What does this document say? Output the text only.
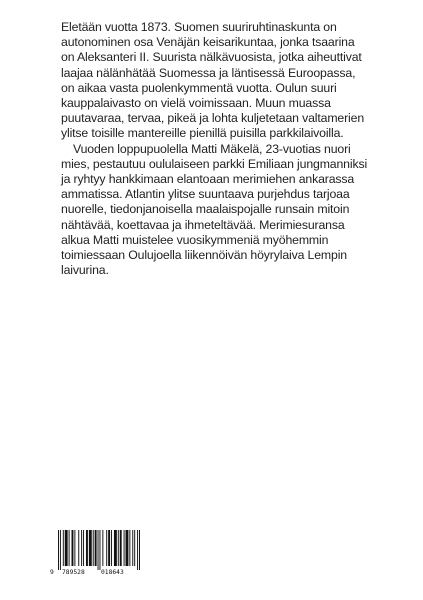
Eletään vuotta 1873. Suomen suuriruhtinaskunta on autonominen osa Venäjän keisarikuntaa, jonka tsaarina on Aleksanteri II. Suurista nälkävuosista, jotka aiheuttivat laajaa nälänhätää Suomessa ja läntisessä Euroopassa, on aikaa vasta puolenkymmentä vuotta. Oulun suuri kauppalaivasto on vielä voimissaan. Muun muassa puutavaraa, tervaa, pikeä ja lohta kuljetetaan valtamerien ylitse toisille mantereille pienillä puisilla parkkilaivoilla.

Vuoden loppupuolella Matti Mäkelä, 23-vuotias nuori mies, pestautuu oululaiseen parkki Emiliaan jungmanniksi ja ryhtyy hankkimaan elantoaan merimiehen ankarassa ammatissa. Atlantin ylitse suuntaava purjehdus tarjoaa nuorelle, tiedonjanoisella maalaispojalle runsain mitoin nähtävää, koettavaa ja ihmeteltävää. Merimiesuransa alkua Matti muistelee vuosikymmeniä myöhemmin toimiessaan Oulujoella liikennöivän höyrylaiva Lempin laivurina.

9 789528	018643
